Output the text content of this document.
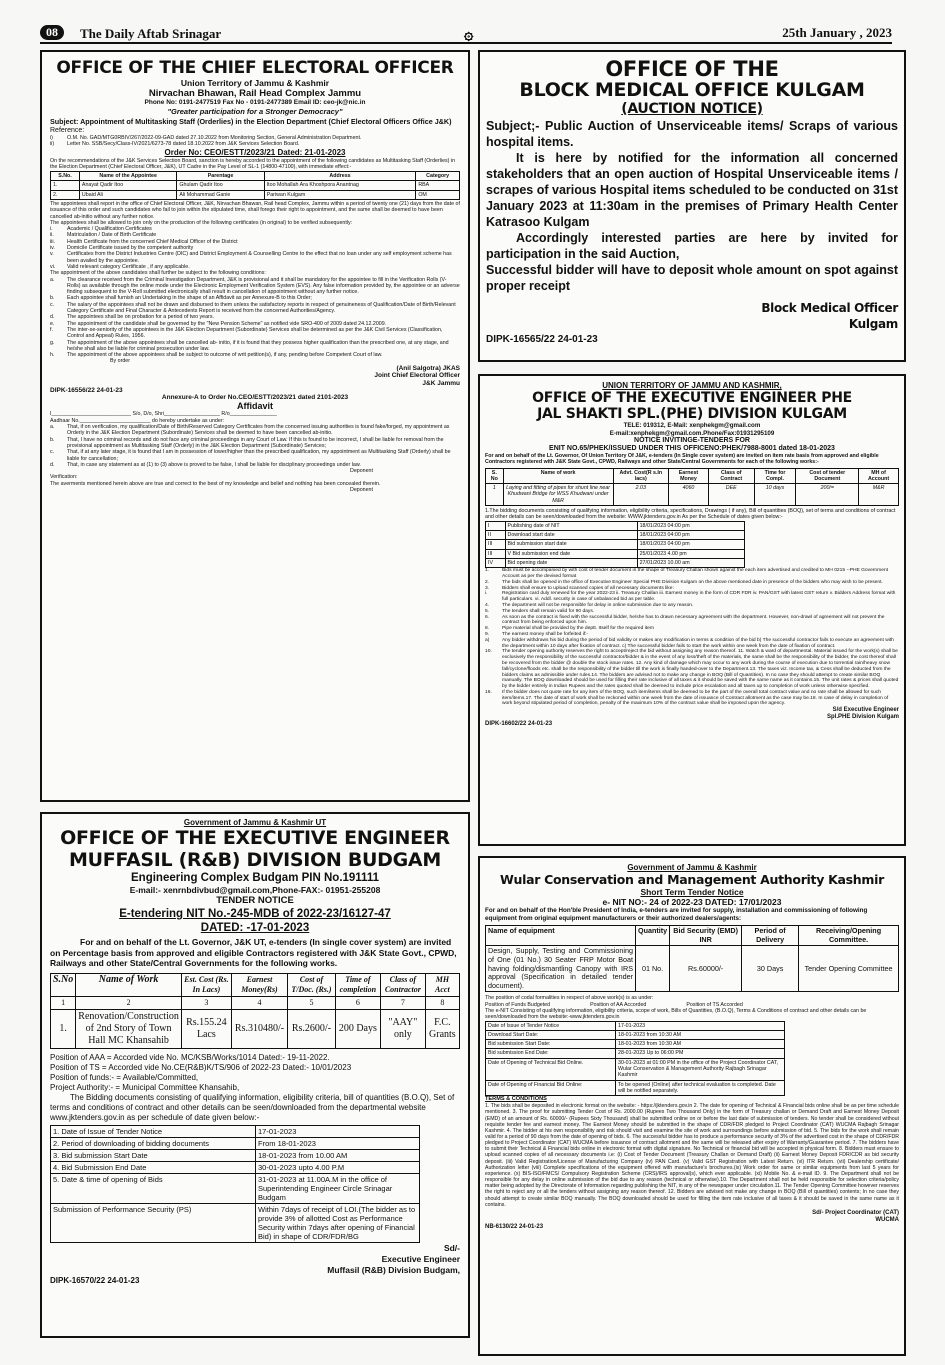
08	The Daily Aftab Srinagar	۞	25th January , 2023
OFFICE OF THE CHIEF ELECTORAL OFFICER
Union Territory of Jammu & Kashmir
Nirvachan Bhawan, Rail Head Complex Jammu
Phone No: 0191-2477519 Fax No - 0191-2477389 Email ID: ceo-jk@nic.in
"Greater participation for a Stronger Democracy"
Subject: Appointment of Multitasking Staff (Orderlies) in the Election Department (Chief Electoral Officers Office J&K)
Reference:
i)	O.M. No. GAD/MTG0RBIV/267/2022-09-GAD dated 27.10.2022 from Monitoring Section, General Administration Department.
ii)	Letter No. SSB/Secy/Class-IV/2021/6273-78 dated 18.10.2022 from J&K Services Selection Board.
Order No: CEO/ESTT/2023/21 Dated: 21-01-2023
On the recommendations of the J&K Services Selection Board, sanction is hereby accorded to the appointment of the following candidates as Multitasking Staff (Orderlies) in the Election Department (Chief Electoral Officer, J&K), UT Cadre in the Pay Level of SL-1 (14800-47100), with immediate effect:-
S.No.	Name of the Appointee	Parentage	Address	Category
1.	Anayat Qadir Itoo	Ghulam Qadir Itoo	Itoo Mohallah Ara Khoshpora Anantnag	RBA
2.	Ubaid Ali	Ali Mohammad Ganie	Pariwan Kulgam	OM
The appointees shall report in the office of Chief Electoral Officer, J&K, Nirvachan Bhawan, Rail head Complex, Jammu within a period of twenty one (21) days from the date of issuance of this order and such candidates who fail to join within the stipulated time, shall forego their right to appointment, and the same shall be deemed to have been cancelled ab-initio without any further notice.
The appointees shall be allowed to join only on the production of the following certificates (in original) to be verified subsequently:
i.	Academic / Qualification Certificates
ii.	Matriculation / Date of Birth Certificate
iii.	Health Certificate from the concerned Chief Medical Officer of the District
iv.	Domicile Certificate issued by the competent authority
v.	Certificates from the District Industries Centre (DIC) and District Employment & Counselling Centre to the effect that no loan under any self employment scheme has been availed by the appointee.
vi.	Valid relevant category Certificate , if any applicable.
The appointment of the above candidates shall further be subject to the following conditions:
a.	The clearance received from the Criminal Investigation Department, J&K is provisional and it shall be mandatory for the appointee to fill in the Verification Rolls (V-Rolls) as available through the online mode under the Electronic Employment Verification System (EVS). Any false information provided by, the appointee or an adverse finding subsequent to the V-Roll submitted electronically shall result in cancellation of appointment without any further notice.
b.	Each appointee shall furnish an Undertaking in the shape of an Affidavit as per Annexure-B to this Order;
c.	The salary of the appointees shall not be drawn and disbursed to them unless the satisfactory reports in respect of genuineness of Qualification/Date of Birth/Relevant Category Certificate and Final Character & Antecedents Report is received from the concerned Authorities/Agency.
d.	The appointees shall be on probation for a period of two years.
e.	The appointment of the candidate shall be governed by the "New Pension Scheme" as notified vide SRO-400 of 2009 dated 24.12.2009.
f.	The inter-se-seniority of the appointees in the J&K Election Department (Subordinate) Services shall be determined as per the J&K Civil Services (Classification, Control and Appeal) Rules, 1956.
g.	The appointment of the above appointees shall be cancelled ab- initio, if it is found that they possess higher qualification than the prescribed one, at any stage, and he/she shall also be liable for criminal prosecution under law.
h.	The appointment of the above appointees shall be subject to outcome of writ petition(s), if any, pending before Competent Court of law.
By order
(Anil Salgotra) JKAS
Joint Chief Electoral Officer
J&K Jammu
DIPK-16556/22 24-01-23
Annexure-A to Order No.CEO/ESTT/2023/21 dated 2101-2023
Affidavit
I___________________________ S/o, D/o, Shri___________________ R/o________________
Aadhaar No.________________________ do hereby undertake as under:
a.	That, if on verification, my qualification/Date of Birth/Reserved Category Certificates from the concerned issuing authorities is found fake/forged, my appointment as Orderly in the J&K Election Department (Subordinate) Services shall be deemed to have been cancelled ab-initio.
b.	That, I have no criminal records and do not face any criminal proceedings in any Court of Law. If this is found to be incorrect, I shall be liable for removal from the provisional appointment as Multitasking Staff (Orderly) in the J&K Election Department (Subordinate) Services;
c.	That, if at any later stage, it is found that I am in possession of lower/higher than the prescribed qualification, my appointment as Multitasking Staff (Orderly) shall be liable for cancellation;
d.	That, in case any statement as at (1) to (3) above is proved to be false, I shall be liable for disciplinary proceedings under law.
Deponent
Verification:
The averments mentioned herein above are true and correct to the best of my knowledge and belief and nothing has been concealed therein.
Deponent
OFFICE OF THE
BLOCK MEDICAL OFFICE KULGAM
(AUCTION NOTICE)
Subject;- Public Auction of Unserviceable items/ Scraps of various hospital items.
It is here by notified for the information all concerned stakeholders that an open auction of Hospital Unserviceable items / scrapes of various Hospital items scheduled to be conducted on 31st January 2023 at 11:30am in the premises of Primary Health Center Katrasoo Kulgam
Accordingly interested parties are here by invited for participation in the said Auction,
Successful bidder will have to deposit whole amount on spot against proper receipt
Block Medical Officer
Kulgam
DIPK-16565/22 24-01-23
UNION TERRITORY OF JAMMU AND KASHMIR,
OFFICE OF THE EXECUTIVE ENGINEER PHE
JAL SHAKTI SPL.(PHE) DIVISION KULGAM
TELE: 019312, E-Mail: xenphekgm@gmail.com
E-mail:xenphekgm@gmail.com.Phone/Fax:01931295109
NOTICE INVITINGE-TENDERS FOR
ENIT NO.65/PHEK/ISSUED UNDER THIS OFFICENO:PHEK/7988-8001 dated 18-01-2023
For and on behalf of the Lt. Governor, Of Union Territory Of J&K, e-tenders (In Single cover system) are invited on item rate basis from approved and eligible Contractors registered with J&K State Govt., CPWD, Railways and other State/Central Governments for each of the following works:-
S. No	Name of work	Advt. Cost(R s.In lacs)	Earnest Money	Class of Contract	Time for Compl.	Cost of tender Document	MH of Account
1	Laying and fitting of pipes for shunt line near Khudwani Bridge for WSS Khudwani under M&R	2.03	4060	DEE	10 days	200/=	M&R
1.The bidding documents consisting of qualifying information, eligibility criteria, specifications, Drawings ( if any), Bill of quantities (BOQ), set of terms and conditions of contract and other details can be seen/downloaded from the website: WWW.jktenders.gov.in As per the Schedule of dates given below:-
I	Publishing date of NIT	18/01/2023 04:00 pm
II	Download start date	18/01/2023 04:00 pm
III	Bid submission start date	18/01/2023 04:00 pm
III	V Bid submission end date	25/01/2023 4.00 pm
IV	Bid opening date	27/01/2023 10.00 am
1.	Bids must be accompanied by with cost of tender document in the shape of Treasury Challan shown against the each item advertised and credited to MH 0215 --PHE Government Account as per the devised format
2.	The bids shall be opened in the office of Executive Engineer Special PHE Division Kulgam on the above mentioned date in presence of the bidders who may wish to be present.
3.	Bidders shall ensure to upload scanned copies of all necessary documents like:
i.	Registration card duly renewed for the year 2022-23 ii. Treasury Challan iii. Earnest money in the form of CDR FDR iv. PAN/GST with latest GST return v. Bidders Address format with full particulars. vi. Addl. security in case of unbalanced bid as per table.
4.	The department will not be responsible for delay in online submission due to any reason.
5.	The tenders shall remain valid for 90 days.
6.	As soon as the contract is fixed with the successful bidder, he/she has to drawn necessary agreement with the department. However, non-drawl of agreement will not prevent the contract from being enforced upon him.
8.	Pipe material shall be provided by the deptt. Itself for the required item
9.	The earnest money shall be forfeited if:-
a)	Any bidder withdraws his bid during the period of bid validity or makes any modification in terms & condition of the bid b) The successful contractor fails to execute an agreement with the department within 10 days after fixation of contract. c) The successful bidder fails to start the work within one week from the date of fixation of contract.
10.	The tender opening authority reserves the right to accept/reject the bid without assigning any reason thereof. 11. Watch & ward of departmental. Material issued for the work(s) shall be exclusively the responsibility of the successful contractor/bidder & in the event of any loss/theft of the materials, the same shall be the responsibility of the bidder, the cost thereof shall be recovered from the bidder @ double the stock issue rates. 12. Any kind of damage which may occur to any work during the course of execution due to torrential rain/heavy snow fall/cyclone/floods etc. shall be the responsibility of the bidder till the work is finally handed-over to the Department.13. The taxes viz. Income tax, & Cess shall be deducted from the bidders claims as admissible under rules.14. The bidders are advised not to make any change in BOQ (Bill of Quantities). In no case they should attempt to create similar BOQ manually. The BOQ downloaded should be used for filling their rate inclusive of all taxes & it should be saved with the same name as it contains.15. The unit rates & prices shall quoted by the bidder entirely in Indian Rupees and the rates quoted shall be deemed to include price escalation and all taxes up to completion of work unless otherwise specified.
16.	If the bidder does not quote rate for any item of the BOQ, such item/items shall be deemed to be the part of the overall total contract value and no rate shall be allowed for such item/items.17. The date of start of work shall be reckoned within one week from the date of issuance of Contract allotment as the case may be.18. In case of delay in completion of work beyond stipulated period of completion, penalty of the maximum 10% of the contract value shall be imposed upon the agency.
S/d Executive Engineer
Spl.PHE Division Kulgam
DIPK-16602/22 24-01-23
Government of Jammu & Kashmir UT
OFFICE OF THE EXECUTIVE ENGINEER
MUFFASIL (R&B) DIVISION BUDGAM
Engineering Complex Budgam PIN No.191111
E-mail:- xenrnbdivbud@gmail.com,Phone-FAX:- 01951-255208
TENDER NOTICE
E-tendering NIT No.-245-MDB of 2022-23/16127-47
DATED: -17-01-2023
For and on behalf of the Lt. Governor, J&K UT, e-tenders (In single cover system) are invited on Percentage basis from approved and eligible Contractors registered with J&K State Govt., CPWD, Railways and other State/Central Governments for the following works.
S.No	Name of Work	Est. Cost (Rs. In Lacs)	Earnest Money(Rs)	Cost of T/Doc. (Rs.)	Time of completion	Class of Contractor	MH Acct
1	2	3	4	5	6	7	8
1.	Renovation/Construction of 2nd Story of Town Hall MC Khansahib	Rs.155.24 Lacs	Rs.310480/-	Rs.2600/-	200 Days	"AAY" only	F.C. Grants
Position of AAA = Accorded vide No. MC/KSB/Works/1014 Dated:- 19-11-2022.
Position of TS = Accorded vide No.CE(R&B)K/TS/906 of 2022-23 Dated:- 10/01/2023
Position of funds:- = Available/Committed,
Project Authority:- = Municipal Committee Khansahib,
The Bidding documents consisting of qualifying information, eligibility criteria, bill of quantities (B.O.Q), Set of terms and conditions of contract and other details can be seen/downloaded from the departmental website www.jktenders.gov.in as per schedule of date given below:-
1. Date of Issue of Tender Notice	17-01-2023
2. Period of downloading of bidding documents	From 18-01-2023
3. Bid submission Start Date	18-01-2023 from 10.00 AM
4. Bid Submission End Date	30-01-2023 upto 4.00 P.M
5. Date & time of opening of Bids	31-01-2023 at 11.00A.M in the office of Superintending Engineer Circle Srinagar Budgam
Submission of Performance Security (PS)	Within 7days of receipt of LOI.(The bidder as to provide 3% of allotted Cost as Performance Security within 7days after opening of Financial Bid) in shape of CDR/FDR/BG
Sd/-
Executive Engineer
Muffasil (R&B) Division Budgam,
DIPK-16570/22 24-01-23
Government of Jammu & Kashmir
Wular Conservation and Management Authority Kashmir
Short Term Tender Notice
e- NIT NO:- 24 of 2022-23 DATED: 17/01/2023
For and on behalf of the Hon'ble President of India, e-tenders are invited for supply, installation and commissioning of following equipment from original equipment manufacturers or their authorized dealers/agents:
Name of equipment	Quantity	Bid Security (EMD) INR	Period of Delivery	Receiving/Opening Committee.
Design, Supply, Testing and Commissioning of One (01 No.) 30 Seater FRP Motor Boat having folding/dismantling Canopy with IRS approval (Specification in detailed tender document).	01 No.	Rs.60000/-	30 Days	Tender Opening Committee
The position of codal formalities in respect of above work(s) is as under:
Position of Funds Budgeted	Position of AA Accorded	Position of TS Accorded
The e-NIT Consisting of qualifying information, eligibility criteria, scope of work, Bills of Quantities, (B.O.Q), Terms & Conditions of contract and other details can be seen/downloaded from the website:-www.jktenders.gov.in
Date of Issue of Tender Notice	17-01-2023
Download Start Date:	18-01-2023 from 10:30 AM
Bid submission Start Date:	18-01-2023 from 10:30 AM
Bid submission End Date:	28-01-2023 Up to 06:00 PM
Date of Opening of Technical Bid Online.	30-01-2023 at 01:00 PM in the office of the Project Coordinator CAT, Wular Conservation & Management Authority Rajbagh Srinagar Kashmir
Date of Opening of Financial Bid Online:	To be opened (Online) after technical evaluation is completed. Date will be notified separately.
TERMS & CONDITIONS
1. The bids shall be deposited in electronic format on the website: - https://jktenders.gov.in 2. The date for opening of Technical & Financial bids online shall be as per time schedule mentioned. 3. The proof for submitting Tender Cost of Rs. 2000.00 (Rupees Two Thousand Only) in the form of Treasury challan or Demand Draft and Earnest Money Deposit (EMD) of an amount of Rs. 60000/- (Rupees Sixty Thousand) shall be submitted online on or before the last date of submission of tenders. No tender shall be considered without requisite tender fee and earnest money. The Earnest Money should be submitted in the shape of CDR/FDR pledged to Project Coordinator (CAT) WUCMA Rajbagh Srinagar Kashmir. 4. The bidder at his own responsibility and risk should visit and examine the site of work and surroundings before submission of bid. 5. The bids for the work shall remain valid for a period of 90 days from the date of opening of bids. 6. The successful bidder has to produce a performance security of 3% of the advertised cost in the shape of CDR/FDR pledged to Project Coordinator (CAT) WUCMA before issuance of contract allotment and the same will be released after expiry of Warranty/Guarantee period. 7. The bidders have to submit their Technical & Financial bids online in electronic format with digital signature. No Technical or financial bid will be accepted in physical form. 8. Bidders must ensure to upload scanned copies of all necessary documents i.e: (i) Cost of Tender Document (Treasury Challan or Demand Draft) (ii) Earnest Money Deposit FDR/CDR as bid security deposit. (iii) Valid Registration/License of Manufacturing Company (iv) PAN Card. (v) Valid GST Registration with Latest Return. (vi) ITR Return. (vii) Dealership certificate/ Authorization letter (viii) Complete specifications of the equipment offered with manufacture's brochures.(ix) Work order for same or similar equipments from last 5 years for experience. (x) BIS-ISO/FMCS/ Compulsory Registration Scheme (CRS)/IRS approval(s), which ever applicable. (xi) Mobile No. & e-mail ID. 9. The Department shall not be responsible for any delay in online submission of the bid due to any reason (technical or otherwise).10. The Department shall not be held responsible for selection criteria/policy matter being adopted by the Directorate of Information regarding publishing the NIT, in any of the newspaper under circulation.11. The Tender Opening Committee however reserves the right to reject any or all the tenders without assigning any reason thereof. 12. Bidders are advised not make any change in BOQ (Bill of quantities) contents; In no case they should attempt to create similar BOQ manually. The BOQ downloaded should be used for filling the item rate inclusive of all taxes & it should be saved in the same name as it contains.
Sd/- Project Coordinator (CAT)
WUCMA
NB-6130/22 24-01-23
